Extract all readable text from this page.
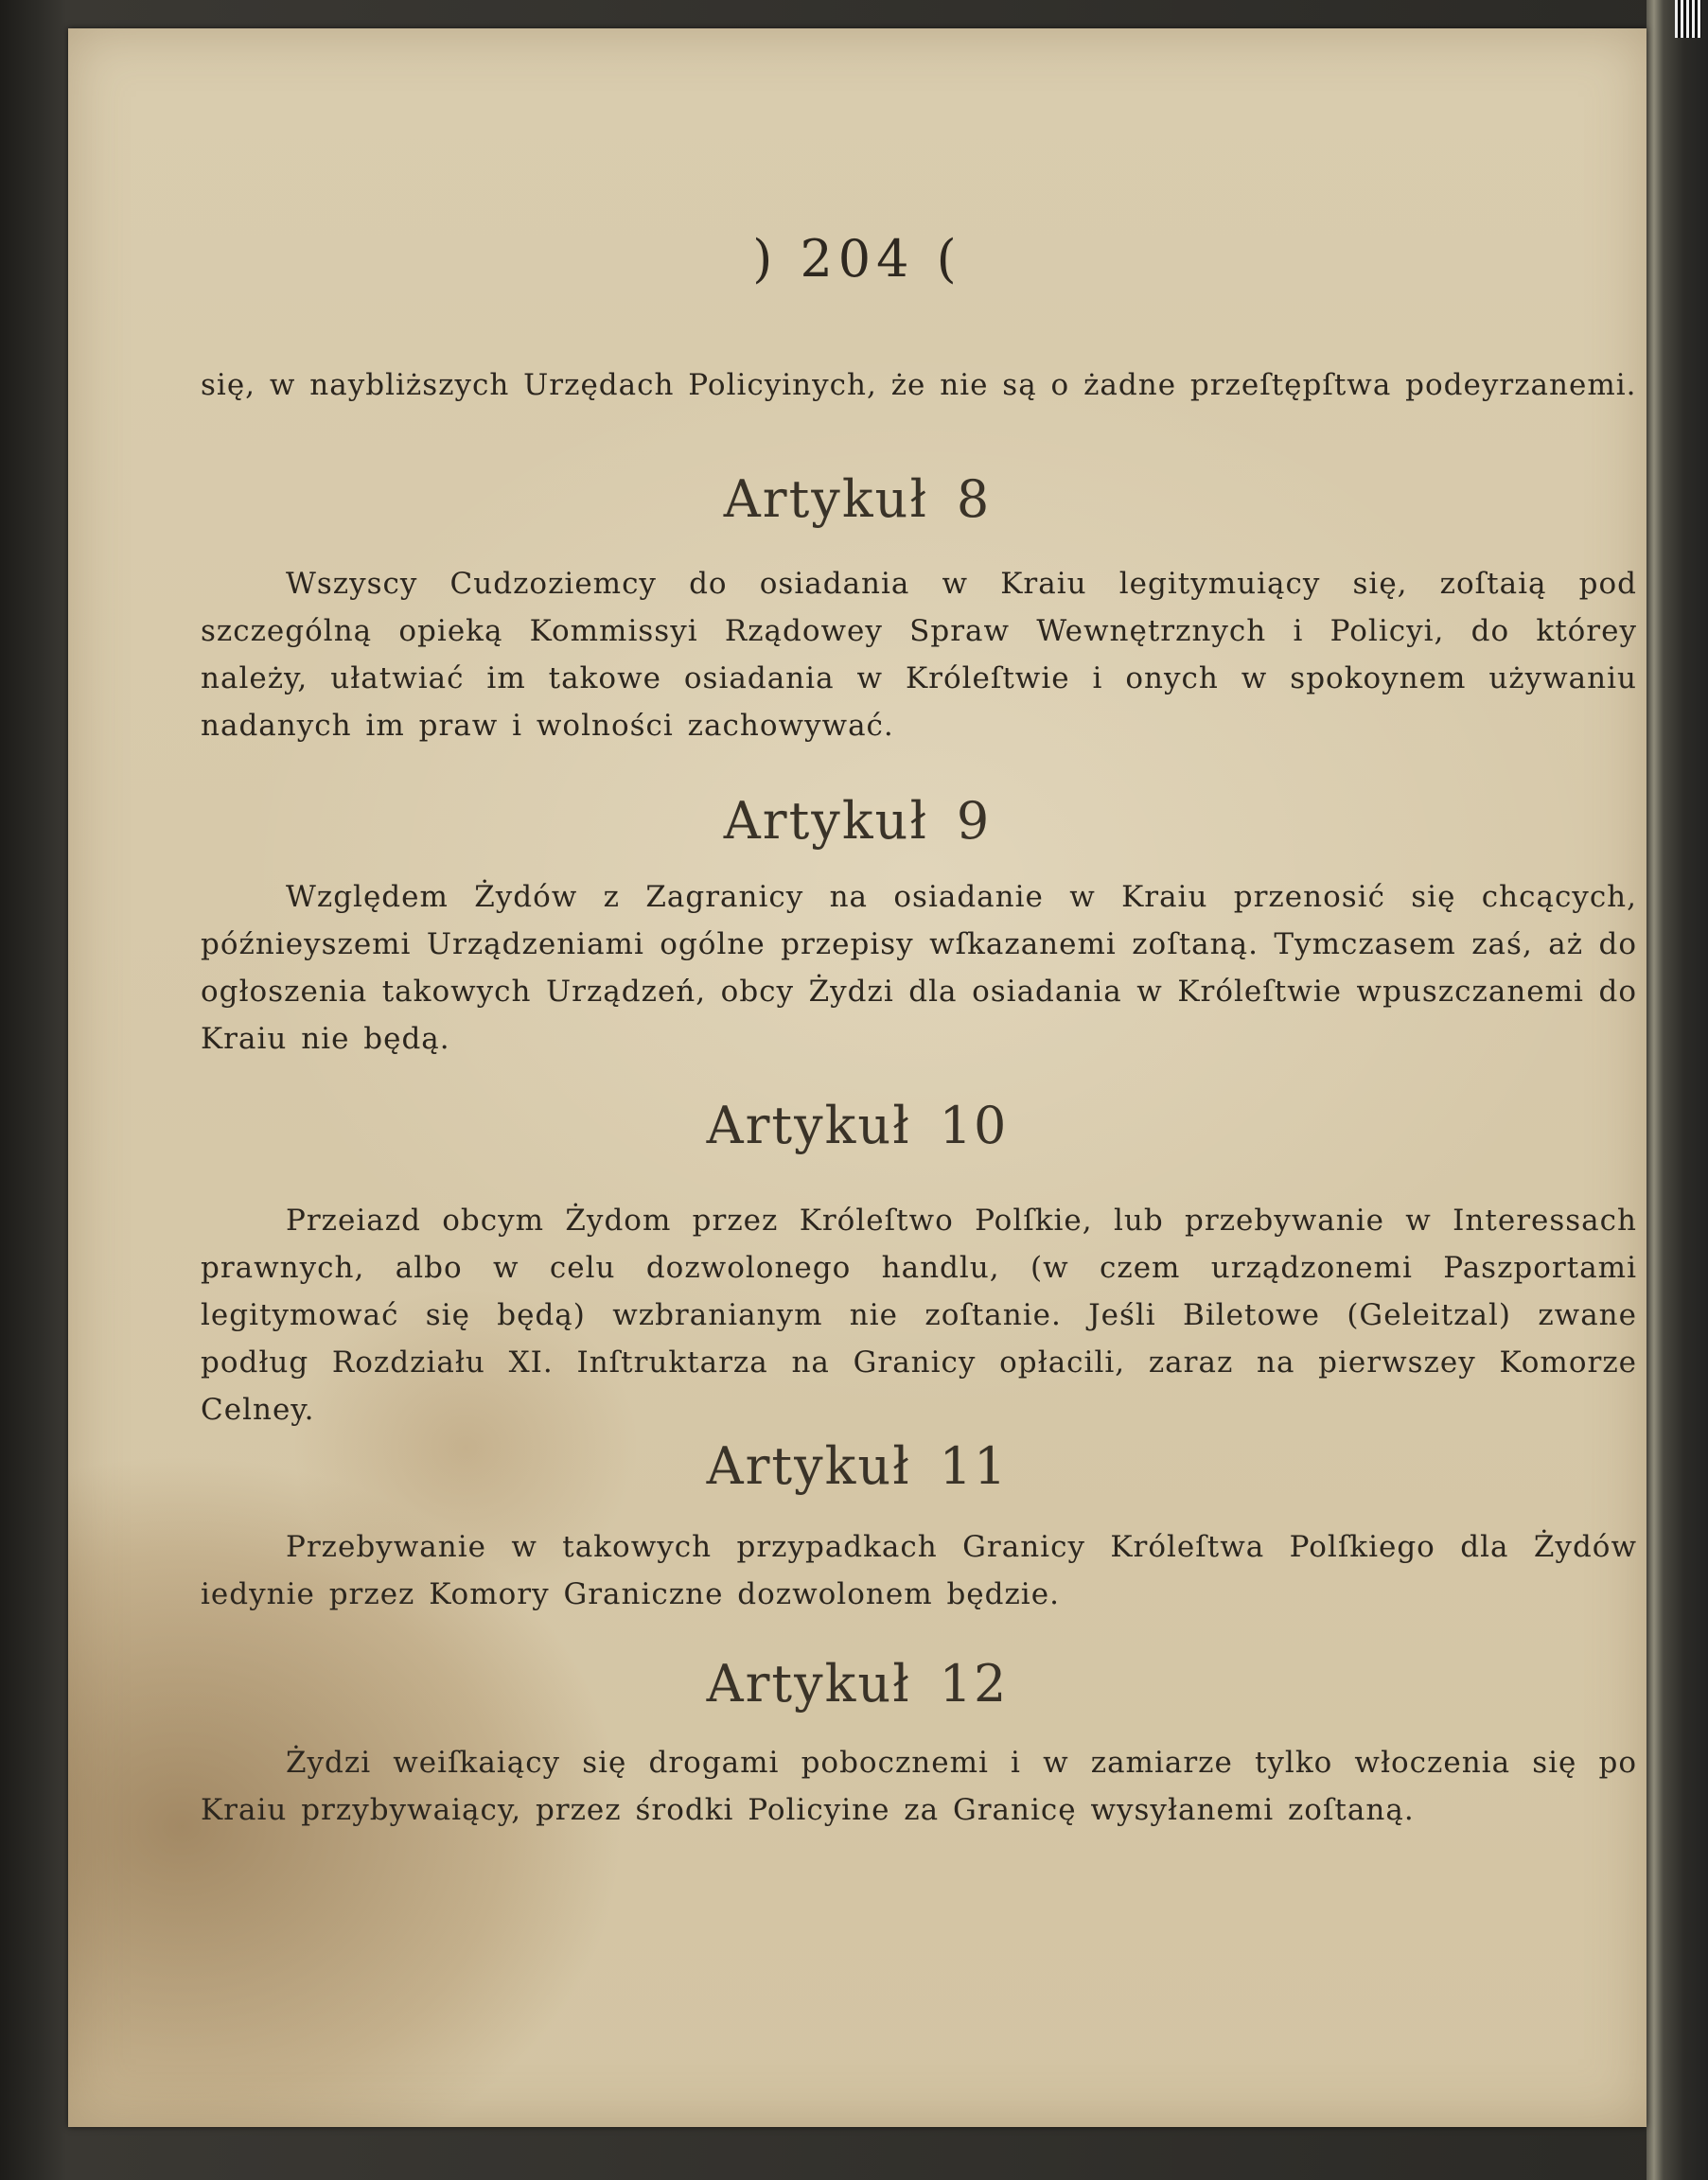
) 204 (
się, w naybliższych Urzędach Policyinych, że nie są o żadne przeſtępſtwa podeyrzanemi.
Artykuł 8
Wszyscy Cudzoziemcy do osiadania w Kraiu legitymuiący się, zoſtaią pod szczególną opieką Kommissyi Rządowey Spraw Wewnętrznych i Policyi, do którey należy, ułatwiać im takowe osiadania w Króleſtwie i onych w spokoynem używaniu nadanych im praw i wolności zachowywać.
Artykuł 9
Względem Żydów z Zagranicy na osiadanie w Kraiu przenosić się chcących, późnieyszemi Urządzeniami ogólne przepisy wſkazanemi zoſtaną. Tymczasem zaś, aż do ogłoszenia takowych Urządzeń, obcy Żydzi dla osiadania w Króleſtwie wpuszczanemi do Kraiu nie będą.
Artykuł 10
Przeiazd obcym Żydom przez Króleſtwo Polſkie, lub przebywanie w Interessach prawnych, albo w celu dozwolonego handlu, (w czem urządzonemi Paszportami legitymować się będą) wzbranianym nie zoſtanie. Jeśli Biletowe (Geleitzal) zwane podług Rozdziału XI. Inſtruktarza na Granicy opłacili, zaraz na pierwszey Komorze Celney.
Artykuł 11
Przebywanie w takowych przypadkach Granicy Króleſtwa Polſkiego dla Żydów iedynie przez Komory Graniczne dozwolonem będzie.
Artykuł 12
Żydzi weiſkaiący się drogami pobocznemi i w zamiarze tylko włoczenia się po Kraiu przybywaiący, przez środki Policyine za Granicę wysyłanemi zoſtaną.
